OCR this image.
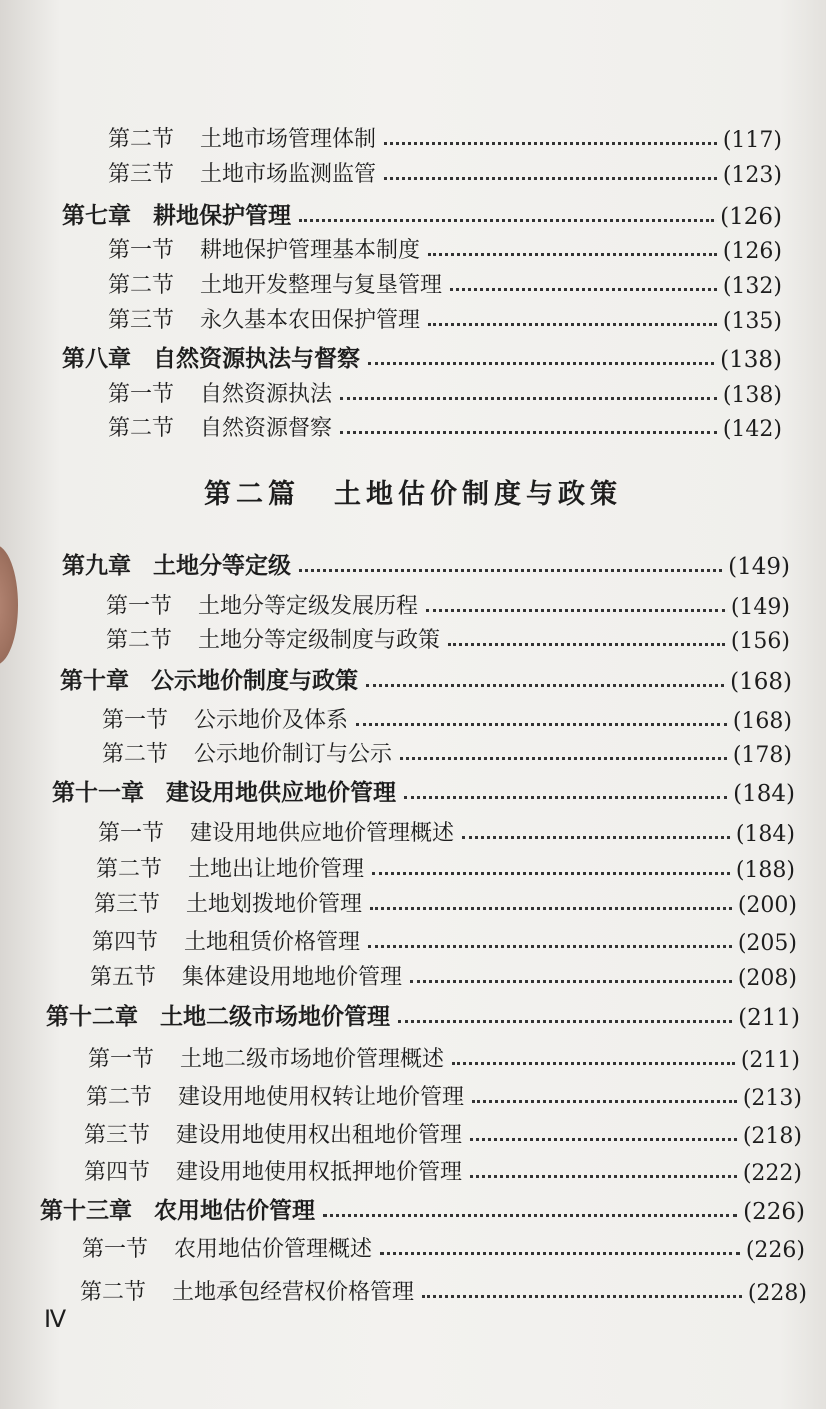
第二节	土地市场管理体制	(117)
第三节	土地市场监测监管	(123)
第七章 耕地保护管理	(126)
第一节	耕地保护管理基本制度	(126)
第二节	土地开发整理与复垦管理	(132)
第三节	永久基本农田保护管理	(135)
第八章 自然资源执法与督察	(138)
第一节	自然资源执法	(138)
第二节	自然资源督察	(142)
第二篇 土地估价制度与政策
第九章 土地分等定级	(149)
第一节	土地分等定级发展历程	(149)
第二节	土地分等定级制度与政策	(156)
第十章 公示地价制度与政策	(168)
第一节	公示地价及体系	(168)
第二节	公示地价制订与公示	(178)
第十一章 建设用地供应地价管理	(184)
第一节	建设用地供应地价管理概述	(184)
第二节	土地出让地价管理	(188)
第三节	土地划拨地价管理	(200)
第四节	土地租赁价格管理	(205)
第五节	集体建设用地地价管理	(208)
第十二章 土地二级市场地价管理	(211)
第一节	土地二级市场地价管理概述	(211)
第二节	建设用地使用权转让地价管理	(213)
第三节	建设用地使用权出租地价管理	(218)
第四节	建设用地使用权抵押地价管理	(222)
第十三章 农用地估价管理	(226)
第一节	农用地估价管理概述	(226)
第二节	土地承包经营权价格管理	(228)
Ⅳ
